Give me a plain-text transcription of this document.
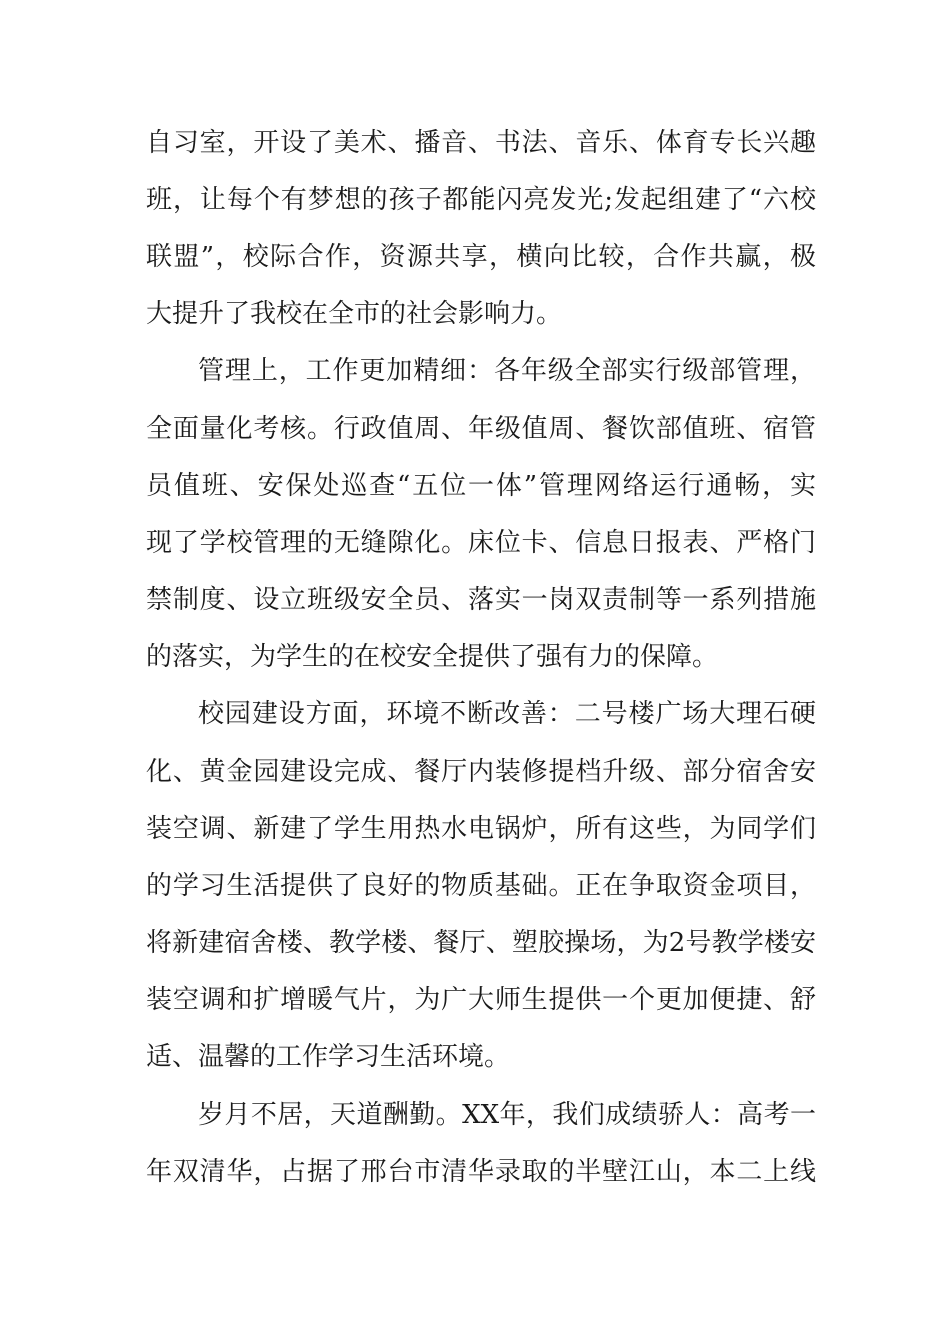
自习室，开设了美术、播音、书法、音乐、体育专长兴趣
班，让每个有梦想的孩子都能闪亮发光;发起组建了“六校
联盟”，校际合作，资源共享，横向比较，合作共赢，极
大提升了我校在全市的社会影响力。
管理上，工作更加精细：各年级全部实行级部管理，
全面量化考核。行政值周、年级值周、餐饮部值班、宿管
员值班、安保处巡查“五位一体”管理网络运行通畅，实
现了学校管理的无缝隙化。床位卡、信息日报表、严格门
禁制度、设立班级安全员、落实一岗双责制等一系列措施
的落实，为学生的在校安全提供了强有力的保障。
校园建设方面，环境不断改善：二号楼广场大理石硬
化、黄金园建设完成、餐厅内装修提档升级、部分宿舍安
装空调、新建了学生用热水电锅炉，所有这些，为同学们
的学习生活提供了良好的物质基础。正在争取资金项目，
将新建宿舍楼、教学楼、餐厅、塑胶操场，为2号教学楼安
装空调和扩增暖气片，为广大师生提供一个更加便捷、舒
适、温馨的工作学习生活环境。
岁月不居，天道酬勤。XX年，我们成绩骄人：高考一
年双清华，占据了邢台市清华录取的半壁江山，本二上线
